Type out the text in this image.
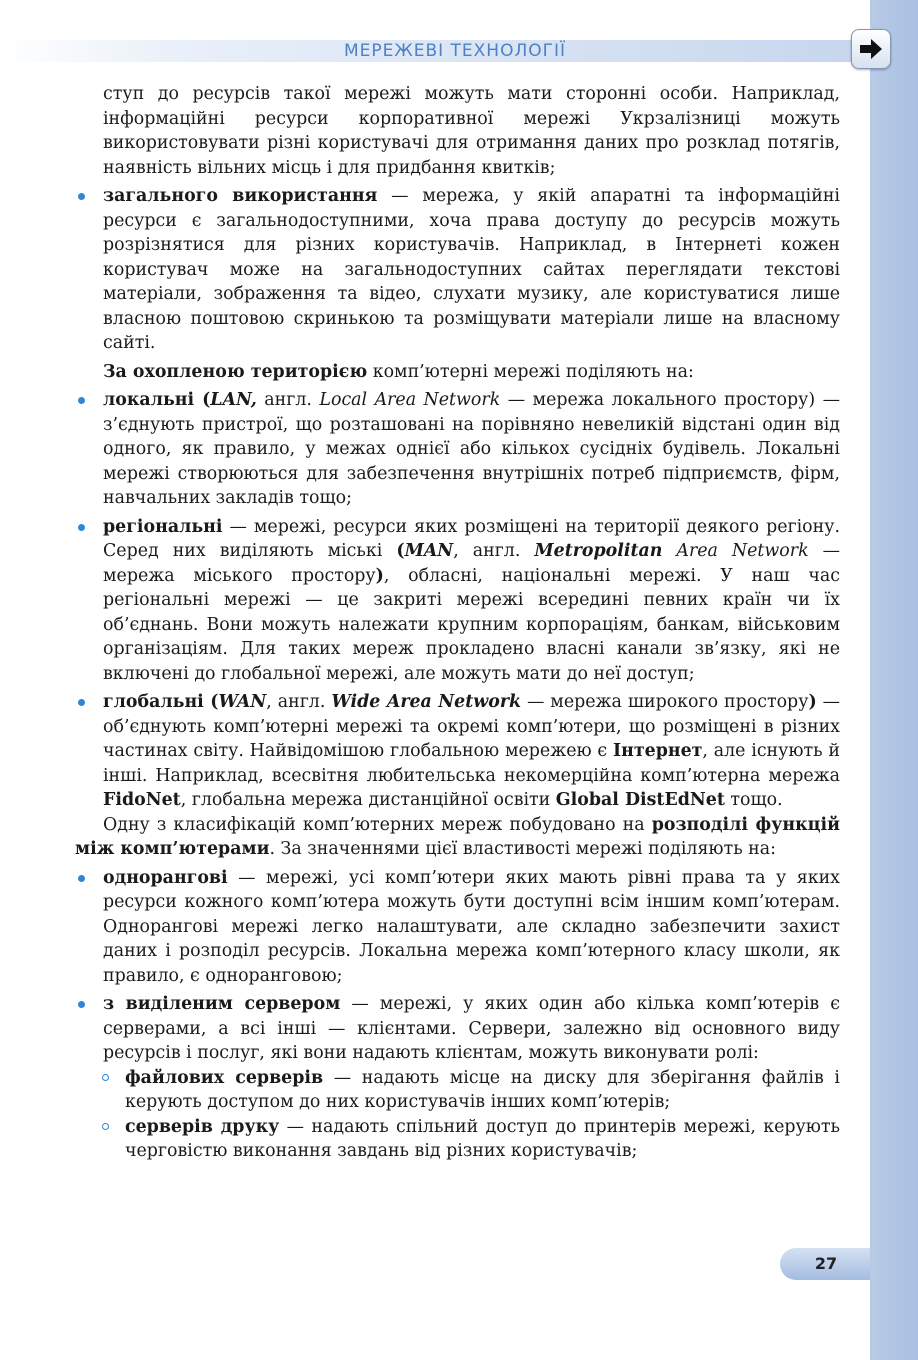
МЕРЕЖЕВІ ТЕХНОЛОГІЇ

ступ до ресурсів такої мережі можуть мати сторонні особи. Наприклад, інформаційні ресурси корпоративної мережі Укрзалізниці можуть використовувати різні користувачі для отримання даних про розклад потягів, наявність вільних місць і для придбання квитків;

загального використання — мережа, у якій апаратні та інформаційні ресурси є загальнодоступними, хоча права доступу до ресурсів можуть розрізнятися для різних користувачів. Наприклад, в Інтернеті кожен користувач може на загальнодоступних сайтах переглядати текстові матеріали, зображення та відео, слухати музику, але користуватися лише власною поштовою скринькою та розміщувати матеріали лише на власному сайті.

За охопленою територією комп’ютерні мережі поділяють на:

локальні (LAN, англ. Local Area Network — мережа локального простору) — з’єднують пристрої, що розташовані на порівняно невеликій відстані один від одного, як правило, у межах однієї або кількох сусідніх будівель. Локальні мережі створюються для забезпечення внутрішніх потреб підприємств, фірм, навчальних закладів тощо;

регіональні — мережі, ресурси яких розміщені на території деякого регіону. Серед них виділяють міські (MAN, англ. Metropolitan Area Network — мережа міського простору), обласні, національні мережі. У наш час регіональні мережі — це закриті мережі всередині певних країн чи їх об’єднань. Вони можуть належати крупним корпораціям, банкам, військовим організаціям. Для таких мереж прокладено власні канали зв’язку, які не включені до глобальної мережі, але можуть мати до неї доступ;

глобальні (WAN, англ. Wide Area Network — мережа широкого простору) — об’єднують комп’ютерні мережі та окремі комп’ютери, що розміщені в різних частинах світу. Найвідомішою глобальною мережею є Інтернет, але існують й інші. Наприклад, всесвітня любительська некомерційна комп’ютерна мережа FidoNet, глобальна мережа дистанційної освіти Global DistEdNet тощо.

Одну з класифікацій комп’ютерних мереж побудовано на розподілі функцій між комп’ютерами. За значеннями цієї властивості мережі поділяють на:

однорангові — мережі, усі комп’ютери яких мають рівні права та у яких ресурси кожного комп’ютера можуть бути доступні всім іншим комп’ютерам. Однорангові мережі легко налаштувати, але складно забезпечити захист даних і розподіл ресурсів. Локальна мережа комп’ютерного класу школи, як правило, є одноранговою;

з виділеним сервером — мережі, у яких один або кілька комп’ютерів є серверами, а всі інші — клієнтами. Сервери, залежно від основного виду ресурсів і послуг, які вони надають клієнтам, можуть виконувати ролі:

файлових серверів — надають місце на диску для зберігання файлів і керують доступом до них користувачів інших комп’ютерів;

серверів друку — надають спільний доступ до принтерів мережі, керують черговістю виконання завдань від різних користувачів;

27
